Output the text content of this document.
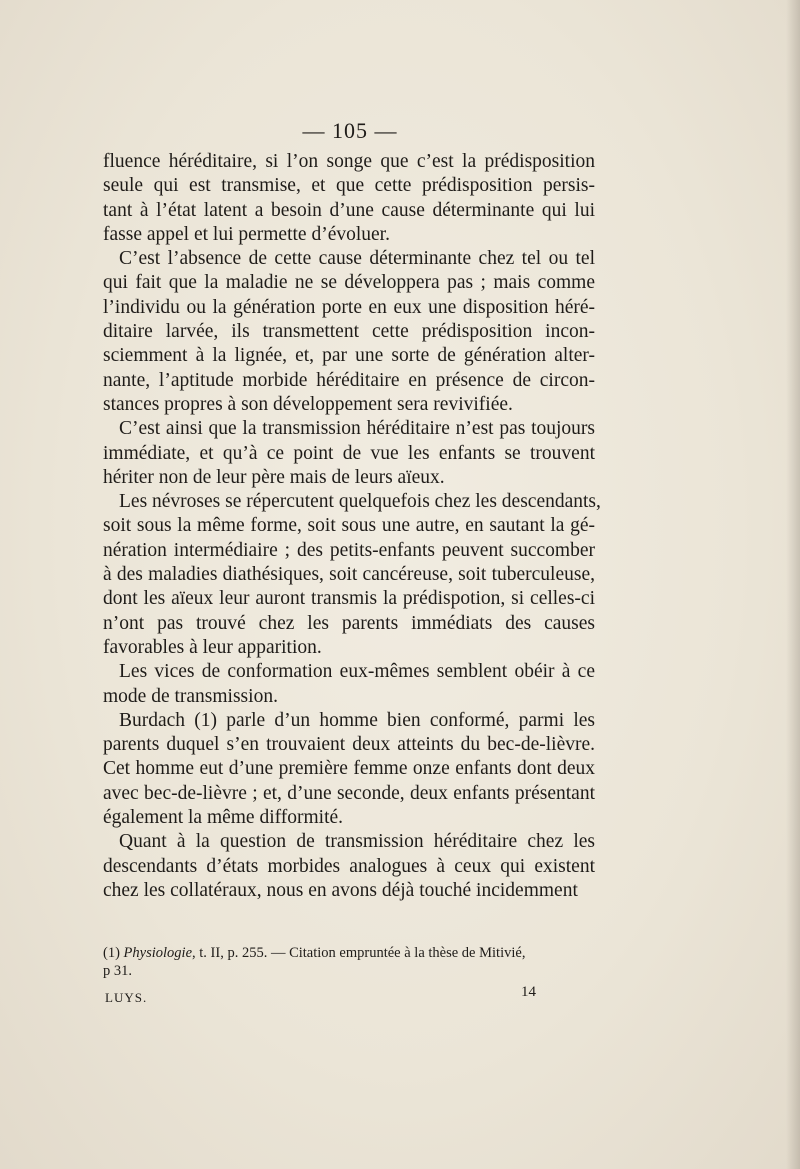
— 105 —

fluence héréditaire, si l’on songe que c’est la prédisposition
seule qui est transmise, et que cette prédisposition persis-
tant à l’état latent a besoin d’une cause déterminante qui lui
fasse appel et lui permette d’évoluer.

C’est l’absence de cette cause déterminante chez tel ou tel
qui fait que la maladie ne se développera pas ; mais comme
l’individu ou la génération porte en eux une disposition héré-
ditaire larvée, ils transmettent cette prédisposition incon-
sciemment à la lignée, et, par une sorte de génération alter-
nante, l’aptitude morbide héréditaire en présence de circon-
stances propres à son développement sera revivifiée.

C’est ainsi que la transmission héréditaire n’est pas toujours
immédiate, et qu’à ce point de vue les enfants se trouvent
hériter non de leur père mais de leurs aïeux.

Les névroses se répercutent quelquefois chez les descendants,
soit sous la même forme, soit sous une autre, en sautant la gé-
nération intermédiaire ; des petits-enfants peuvent succomber
à des maladies diathésiques, soit cancéreuse, soit tuberculeuse,
dont les aïeux leur auront transmis la prédispotion, si celles-ci
n’ont pas trouvé chez les parents immédiats des causes
favorables à leur apparition.

Les vices de conformation eux-mêmes semblent obéir à ce
mode de transmission.

Burdach (1) parle d’un homme bien conformé, parmi les
parents duquel s’en trouvaient deux atteints du bec-de-lièvre.
Cet homme eut d’une première femme onze enfants dont deux
avec bec-de-lièvre ; et, d’une seconde, deux enfants présentant
également la même difformité.

Quant à la question de transmission héréditaire chez les
descendants d’états morbides analogues à ceux qui existent
chez les collatéraux, nous en avons déjà touché incidemment

(1) Physiologie, t. II, p. 255. — Citation empruntée à la thèse de Mitivié,
p 31.
LUYS.	14
